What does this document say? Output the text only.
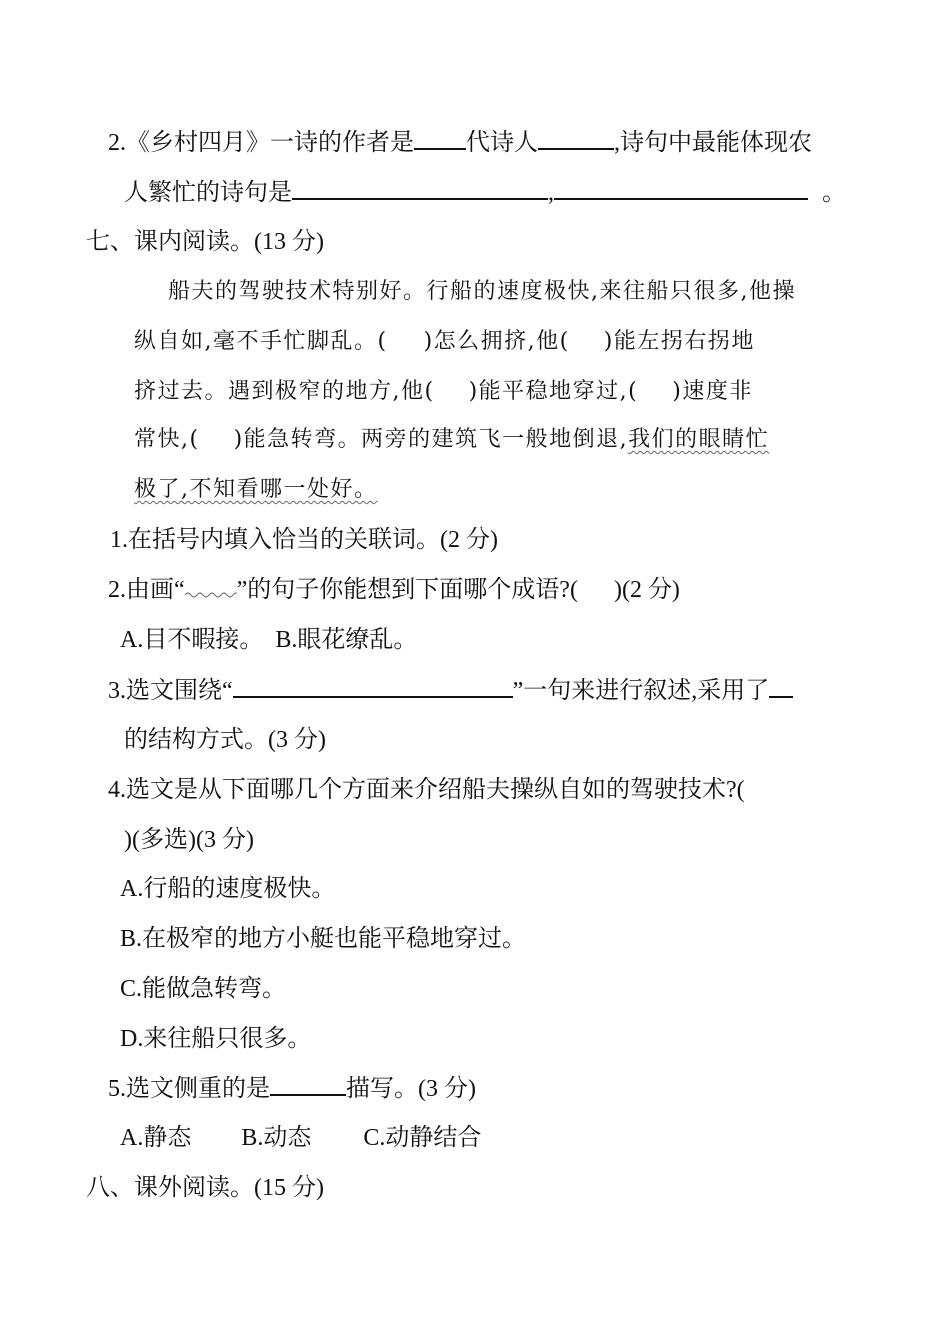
2.《乡村四月》一诗的作者是 代诗人	,诗句中最能体现农
人繁忙的诗句是	,	。
七、课内阅读。(13 分)
船夫的驾驶技术特别好。行船的速度极快,来往船只很多,他操
纵自如,毫不手忙脚乱。( )怎么拥挤,他( )能左拐右拐地
挤过去。遇到极窄的地方,他( )能平稳地穿过,( )速度非
常快,( )能急转弯。两旁的建筑飞一般地倒退,我们的眼睛忙
极了,不知看哪一处好。
1.在括号内填入恰当的关联词。(2 分)
2.由画“ ”的句子你能想到下面哪个成语?( )(2 分)
A.目不暇接。　B.眼花缭乱。
3.选文围绕“	”一句来进行叙述,采用了
的结构方式。(3 分)
4.选文是从下面哪几个方面来介绍船夫操纵自如的驾驶技术?(
)(多选)(3 分)
A.行船的速度极快。
B.在极窄的地方小艇也能平稳地穿过。
C.能做急转弯。
D.来往船只很多。
5.选文侧重的是	描写。(3 分)
A.静态 B.动态 C.动静结合
八、课外阅读。(15 分)
